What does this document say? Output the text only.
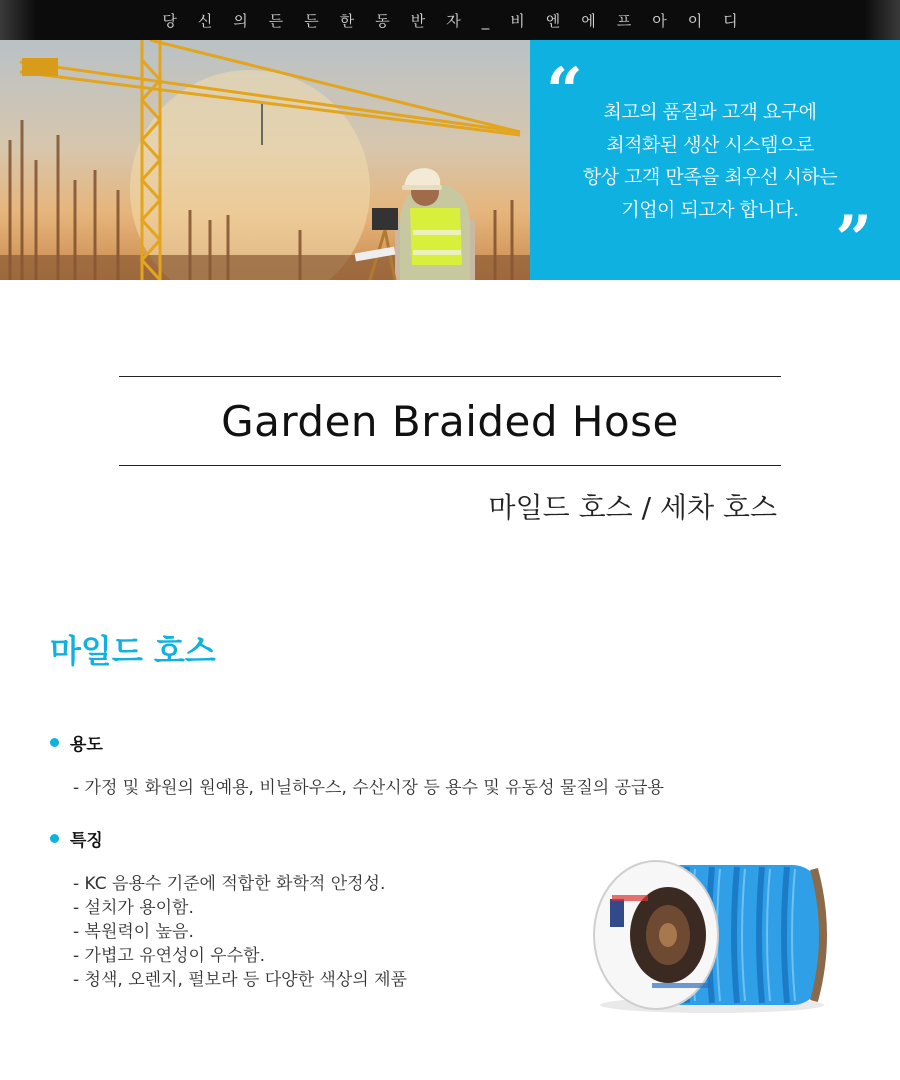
당신의든든한동반자_비엔에프아이디
“	최고의 품질과 고객 요구에
최적화된 생산 시스템으로
항상 고객 만족을 최우선 시하는
기업이 되고자 합니다. ”
Garden Braided Hose
마일드 호스 / 세차 호스
마일드 호스
용도
- 가정 및 화원의 원예용, 비닐하우스, 수산시장 등 용수 및 유동성 물질의 공급용
특징
- KC 음용수 기준에 적합한 화학적 안정성.
- 설치가 용이함.
- 복원력이 높음.
- 가볍고 유연성이 우수함.
- 청색, 오렌지, 펄보라 등 다양한 색상의 제품
